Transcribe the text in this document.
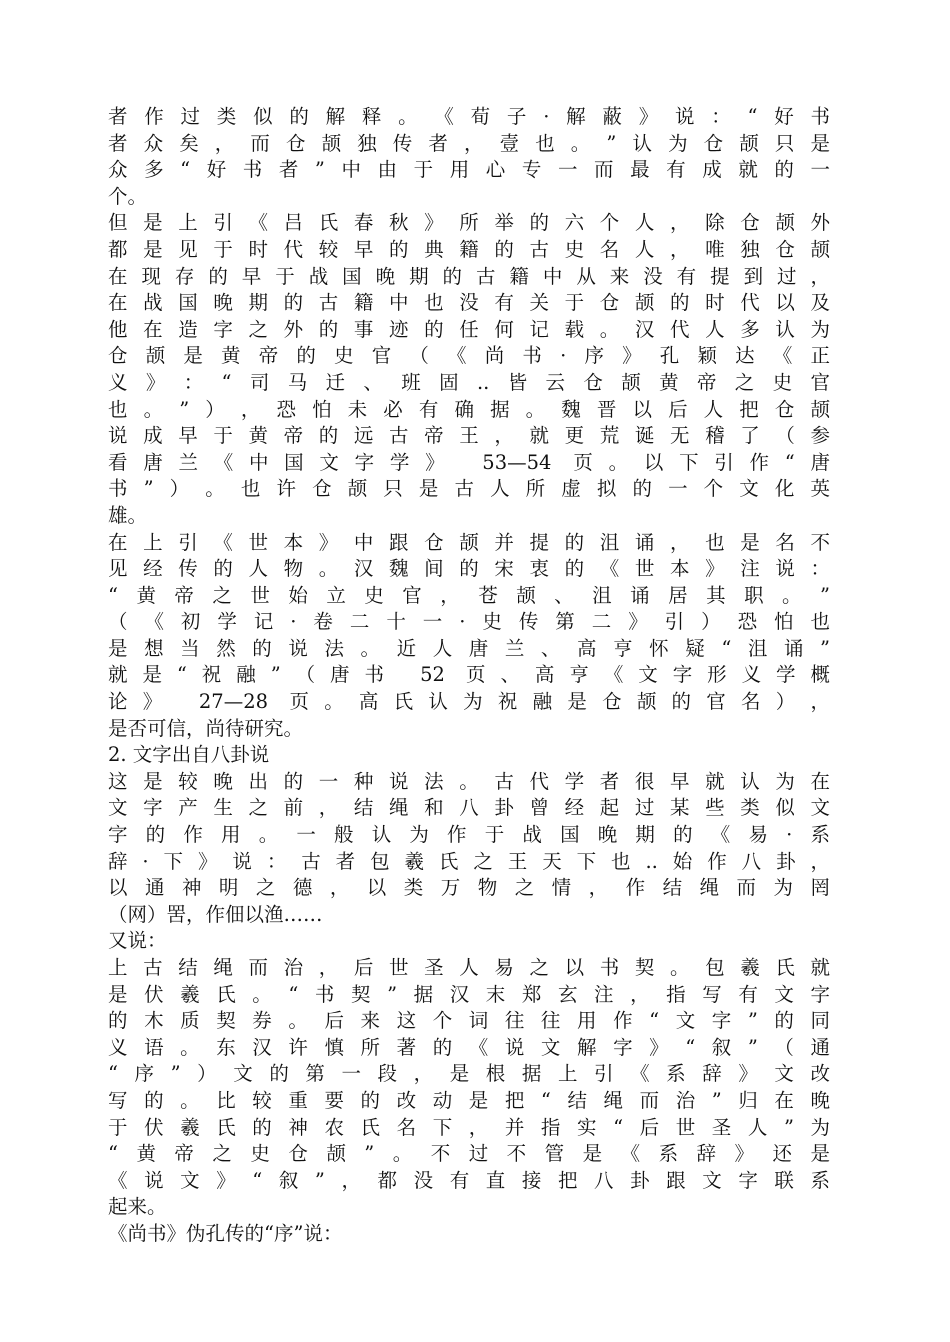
者​作​过​类​似​的​解​释​。​《​荀​子​·​解​蔽​》​说​：​“​好​书
者​众​矣​，​而​仓​颉​独​传​者​，​壹​也​。​”​认​为​仓​颉​只​是
众​多​“​好​书​者​”​中​由​于​用​心​专​一​而​最​有​成​就​的​一
个。
但​是​上​引​《​吕​氏​春​秋​》​所​举​的​六​个​人​，​除​仓​颉​外
都​是​见​于​时​代​较​早​的​典​籍​的​古​史​名​人​，​唯​独​仓​颉
在​现​存​的​早​于​战​国​晚​期​的​古​籍​中​从​来​没​有​提​到​过​，
在​战​国​晚​期​的​古​籍​中​也​没​有​关​于​仓​颉​的​时​代​以​及
他​在​造​字​之​外​的​事​迹​的​任​何​记​载​。​汉​代​人​多​认​为
仓​颉​是​黄​帝​的​史​官​（​《​尚​书​·​序​》​孔​颖​达​《​正
义​》​：​“​司​马​迁​、​班​固​.​.​皆​云​仓​颉​黄​帝​之​史​官
也​。​”​）​，​恐​怕​未​必​有​确​据​。​魏​晋​以​后​人​把​仓​颉
说​成​早​于​黄​帝​的​远​古​帝​王​，​就​更​荒​诞​无​稽​了​（​参
看​唐​兰​《​中​国​文​字​学​》​ ​5​3​—​5​4​ ​页​。​以​下​引​作​“​唐
书​”​）​。​也​许​仓​颉​只​是​古​人​所​虚​拟​的​一​个​文​化​英
雄。
在​上​引​《​世​本​》​中​跟​仓​颉​并​提​的​沮​诵​，​也​是​名​不
见​经​传​的​人​物​。​汉​魏​间​的​宋​衷​的​《​世​本​》​注​说​：
“​黄​帝​之​世​始​立​史​官​，​苍​颉​、​沮​诵​居​其​职​。​”
（​《​初​学​记​·​卷​二​十​一​·​史​传​第​二​》​引​）​恐​怕​也
是​想​当​然​的​说​法​。​近​人​唐​兰​、​高​亨​怀​疑​“​沮​诵​”
就​是​“​祝​融​”​（​唐​书​ ​5​2​ ​页​、​高​亨​《​文​字​形​义​学​概
论​》​ ​2​7​—​2​8​ ​页​。​高​氏​认​为​祝​融​是​仓​颉​的​官​名​）​，
是否可信，尚待研究。
2. 文字出自八卦说
这​是​较​晚​出​的​一​种​说​法​。​古​代​学​者​很​早​就​认​为​在
文​字​产​生​之​前​，​结​绳​和​八​卦​曾​经​起​过​某​些​类​似​文
字​的​作​用​。​一​般​认​为​作​于​战​国​晚​期​的​《​易​·​系
辞​·​下​》​说​：​古​者​包​羲​氏​之​王​天​下​也​.​.​始​作​八​卦​，
以​通​神​明​之​德​，​以​类​万​物​之​情​，​作​结​绳​而​为​罔
（网）罟，作佃以渔……
又说：
上​古​结​绳​而​治​，​后​世​圣​人​易​之​以​书​契​。​包​羲​氏​就
是​伏​羲​氏​。​“​书​契​”​据​汉​末​郑​玄​注​，​指​写​有​文​字
的​木​质​契​券​。​后​来​这​个​词​往​往​用​作​“​文​字​”​的​同
义​语​。​东​汉​许​慎​所​著​的​《​说​文​解​字​》​“​叙​”​（​通
“​序​”​）​文​的​第​一​段​，​是​根​据​上​引​《​系​辞​》​文​改
写​的​。​比​较​重​要​的​改​动​是​把​“​结​绳​而​治​”​归​在​晚
于​伏​羲​氏​的​神​农​氏​名​下​，​并​指​实​“​后​世​圣​人​”​为
“​黄​帝​之​史​仓​颉​”​。​不​过​不​管​是​《​系​辞​》​还​是
《​说​文​》​“​叙​”​，​都​没​有​直​接​把​八​卦​跟​文​字​联​系
起来。
《尚书》伪孔传的“序”说：
